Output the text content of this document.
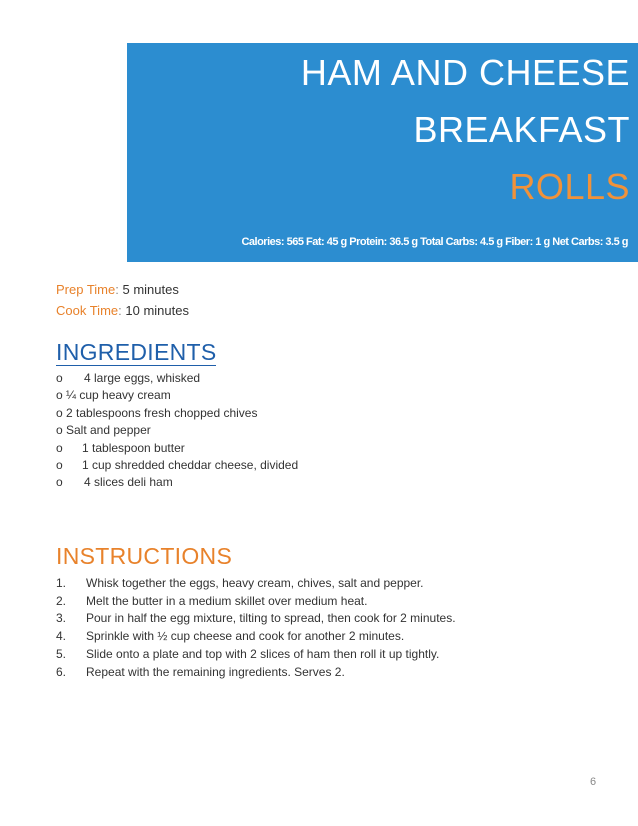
HAM AND CHEESE
BREAKFAST
ROLLS
Calories: 565 Fat: 45 g Protein: 36.5 g Total Carbs: 4.5 g Fiber: 1 g Net Carbs: 3.5 g
Prep Time: 5 minutes
Cook Time: 10 minutes
INGREDIENTS
o 4 large eggs, whisked
o ¼ cup heavy cream
o 2 tablespoons fresh chopped chives
o Salt and pepper
o 1 tablespoon butter
o 1 cup shredded cheddar cheese, divided
o 4 slices deli ham
INSTRUCTIONS
1. Whisk together the eggs, heavy cream, chives, salt and pepper.
2. Melt the butter in a medium skillet over medium heat.
3. Pour in half the egg mixture, tilting to spread, then cook for 2 minutes.
4. Sprinkle with ½ cup cheese and cook for another 2 minutes.
5. Slide onto a plate and top with 2 slices of ham then roll it up tightly.
6. Repeat with the remaining ingredients. Serves 2.
6
